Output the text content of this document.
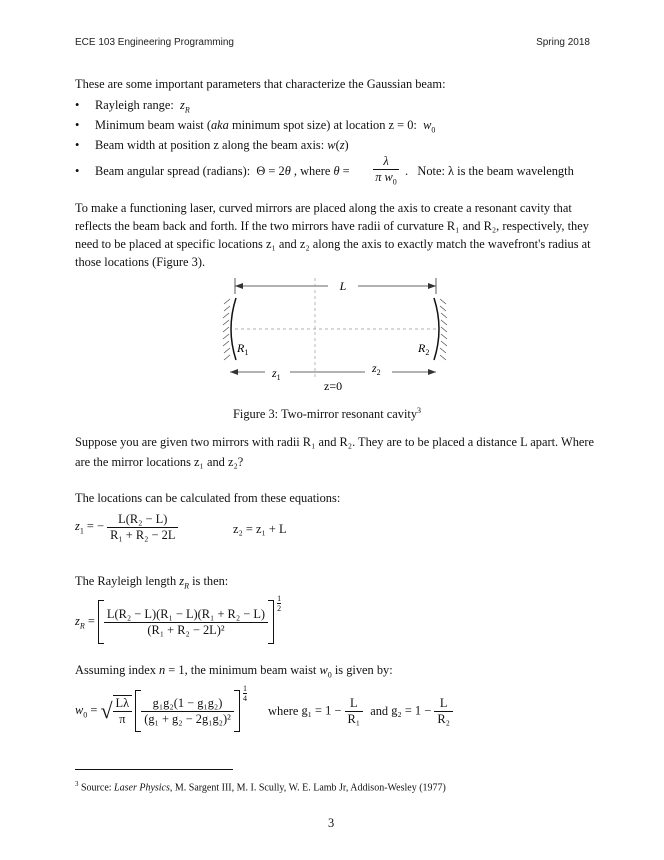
ECE 103 Engineering Programming	Spring 2018

These are some important parameters that characterize the Gaussian beam:

• Rayleigh range: $z_R$
• Minimum beam waist (aka minimum spot size) at location z = 0: $w_0$
• Beam width at position z along the beam axis: w(z)
• Beam angular spread (radians):  Θ = 2θ , where θ =
λ
π $w_0$
.   Note: λ is the beam wavelength

To make a functioning laser, curved mirrors are placed along the axis to create a resonant cavity that reflects the beam back and forth. If the two mirrors have radii of curvature R₁ and R₂, respectively, they need to be placed at specific locations z₁ and z₂ along the axis to exactly match the wavefront's radius at those locations (Figure 3).

L
$R_1$	$R_2$
$z_1$
$z_2$
z=0
Figure 3: Two-mirror resonant cavity$^3$

Suppose you are given two mirrors with radii R₁ and R₂. They are to be placed a distance L apart. Where are the mirror locations z₁ and z₂?

The locations can be calculated from these equations:

$z_1$ = − $\frac{\text{L(R₂ − L)}}{\text{R₁ + R₂ − 2L}}$	z₂ = z₁ + L

The Rayleigh length $z_R$ is then:

$z_R = \frac{\text{L(R₂ − L)(R₁ − L)(R₁ + R₂ − L)}}{\text{(R₁ + R₂ − 2L)²}}$

$\frac{1}{2}$

Assuming index n = 1, the minimum beam waist $w_0$ is given by:

$w_0$ = √ $\frac{L\lambda}{\pi}$
$\frac{\text{g₁g₂(1 − g₁g₂)}}{\text{(g₁ + g₂ − 2g₁g₂)²}}$

$\frac{1}{4}$
where $g_1 = 1 - \frac{L}{\text{R₁}}$ and $g_2 = 1 - \frac{L}{\text{R₂}}$
$^3$ Source: Laser Physics, M. Sargent III, M. I. Scully, W. E. Lamb Jr, Addison-Wesley (1977)
3
